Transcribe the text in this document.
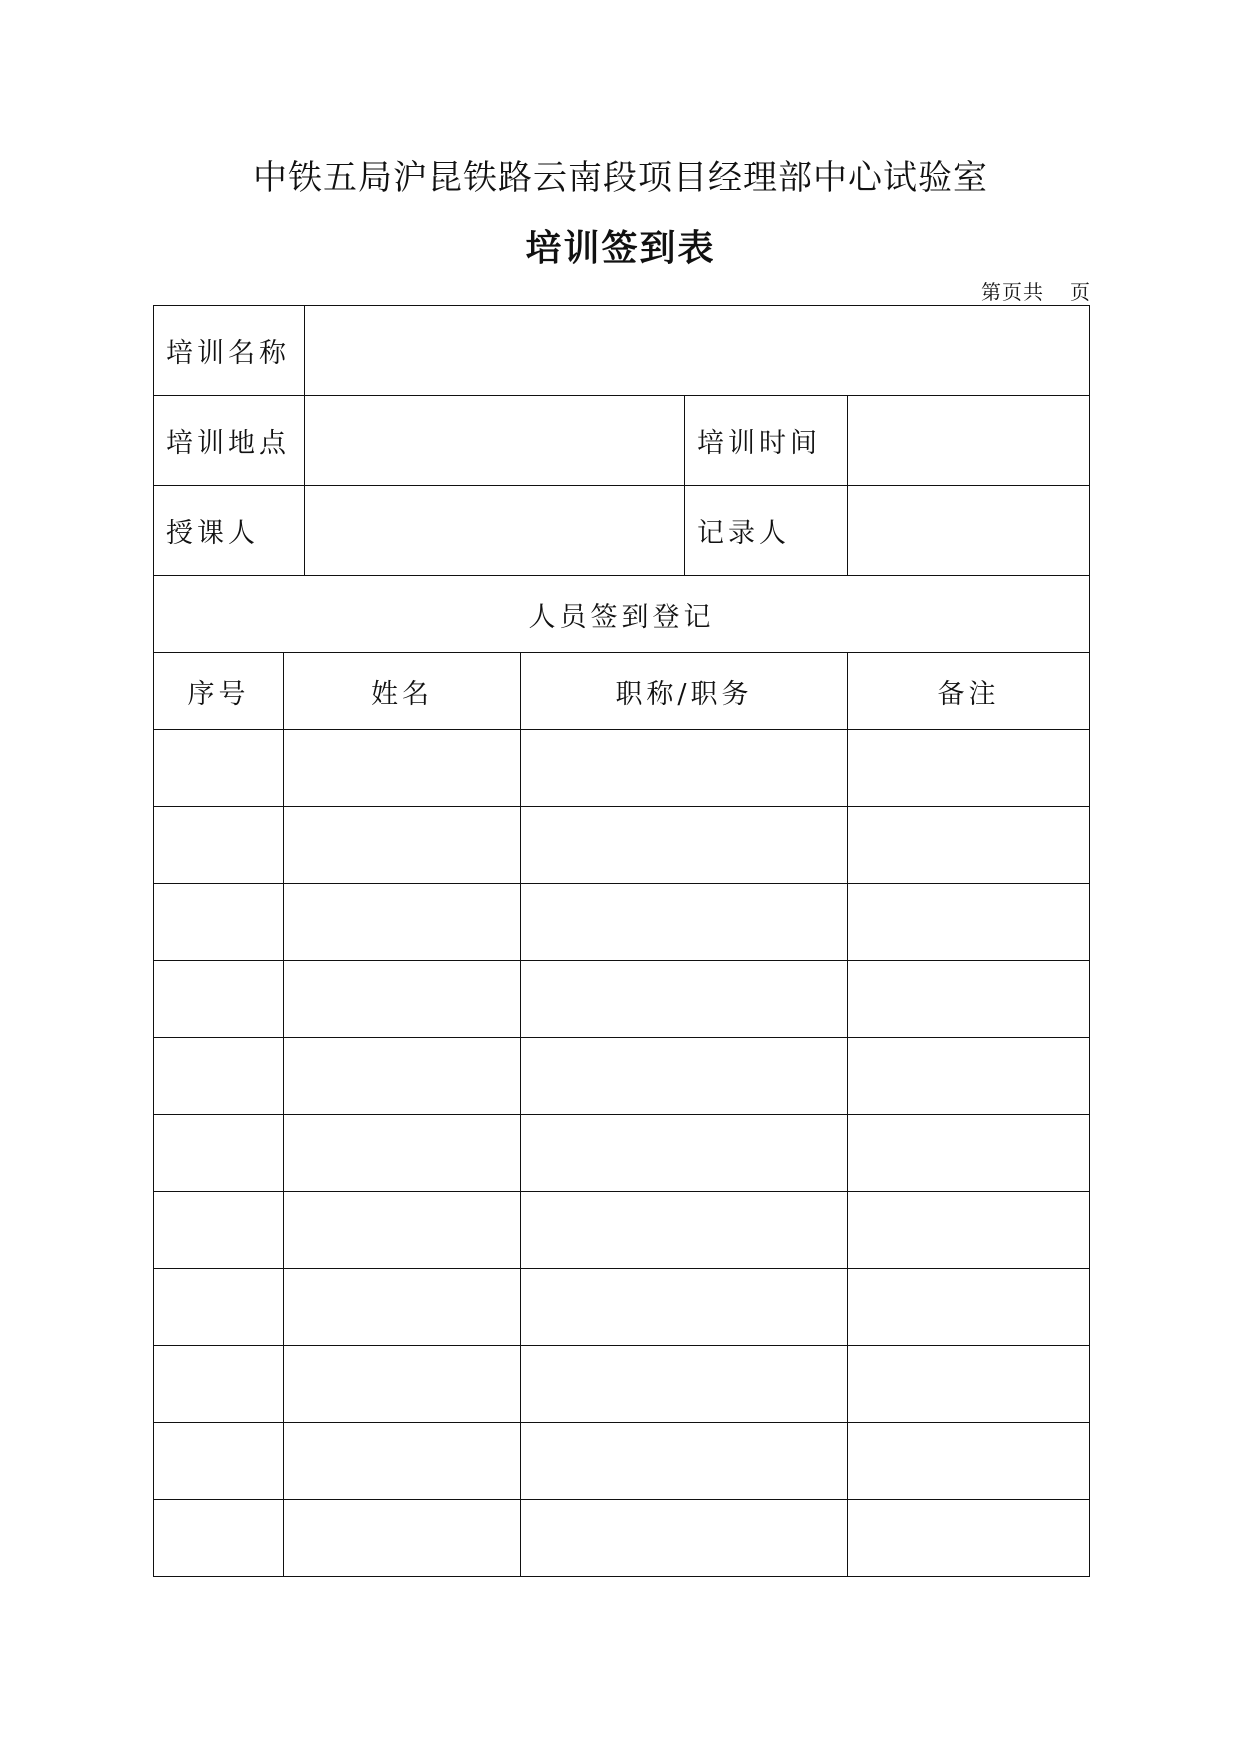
中铁五局沪昆铁路云南段项目经理部中心试验室
培训签到表
第页共 页
培训名称					
培训地点				培训时间	
授课人				记录人	
人员签到登记					
序号	姓名		职称/职务		备注
